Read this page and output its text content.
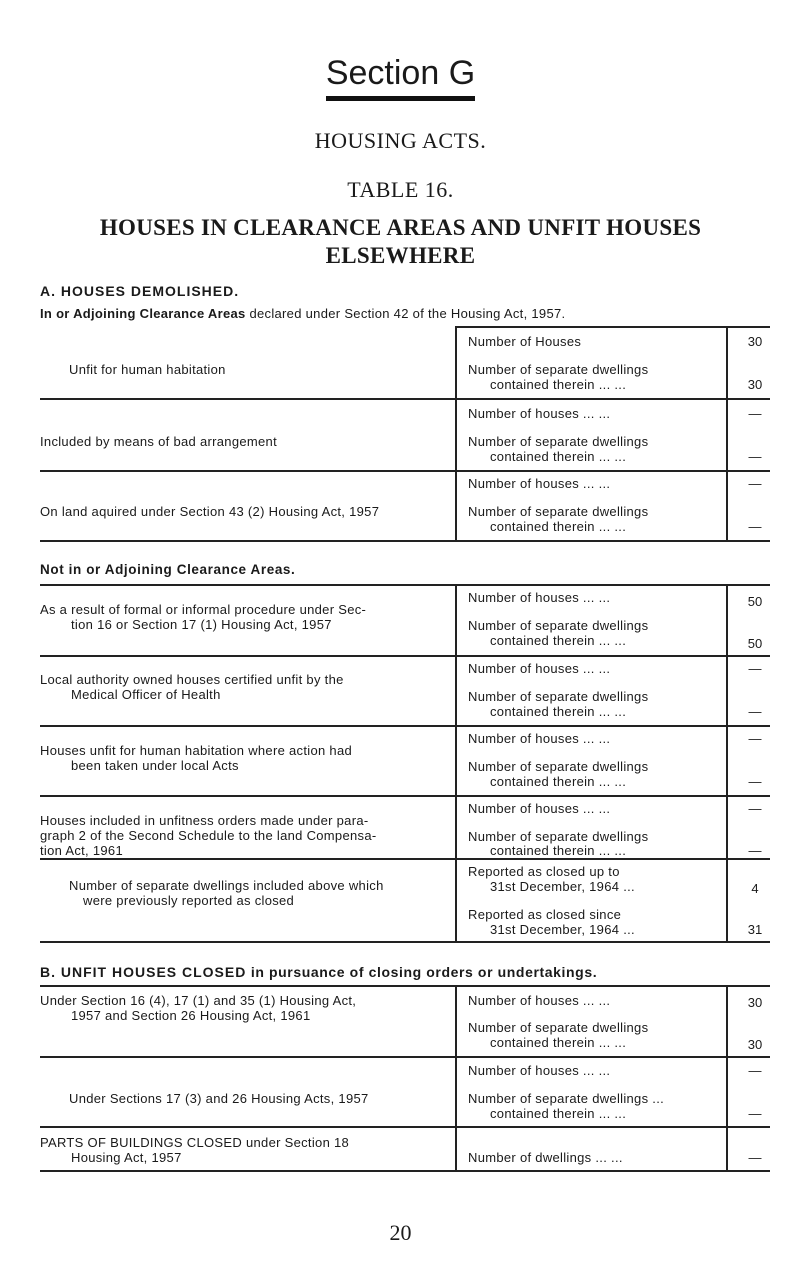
Section G
HOUSING ACTS.
TABLE 16.
HOUSES IN CLEARANCE AREAS AND UNFIT HOUSES
ELSEWHERE
A. HOUSES DEMOLISHED.
In or Adjoining Clearance Areas declared under Section 42 of the Housing Act, 1957.
Unfit for human habitation
Number of Houses
Number of separate dwellings
contained therein ... ...
30
30
Included by means of bad arrangement
Number of houses ... ...
Number of separate dwellings
contained therein ... ...
—
—
On land aquired under Section 43 (2) Housing Act, 1957
Number of houses ... ...
Number of separate dwellings
contained therein ... ...
—
—
Not in or Adjoining Clearance Areas.
As a result of formal or informal procedure under Sec-
tion 16 or Section 17 (1) Housing Act, 1957
Number of houses ... ...
Number of separate dwellings
contained therein ... ...
50
50
Local authority owned houses certified unfit by the
Medical Officer of Health
Number of houses ... ...
Number of separate dwellings
contained therein ... ...
—
—
Houses unfit for human habitation where action had
been taken under local Acts
Number of houses ... ...
Number of separate dwellings
contained therein ... ...
—
—
Houses included in unfitness orders made under para-
graph 2 of the Second Schedule to the land Compensa-
tion Act, 1961
Number of houses ... ...
Number of separate dwellings
contained therein ... ...
—
—
Number of separate dwellings included above which
were previously reported as closed
Reported as closed up to
31st December, 1964 ...
Reported as closed since
31st December, 1964 ...
4
31
B. UNFIT HOUSES CLOSED in pursuance of closing orders or undertakings.
Under Section 16 (4), 17 (1) and 35 (1) Housing Act,
1957 and Section 26 Housing Act, 1961
Number of houses ... ...
Number of separate dwellings
contained therein ... ...
30
30
Under Sections 17 (3) and 26 Housing Acts, 1957
Number of houses ... ...
Number of separate dwellings ...
contained therein ... ...
—
—
PARTS OF BUILDINGS CLOSED under Section 18
Housing Act, 1957	Number of dwellings ... ...	—
20
